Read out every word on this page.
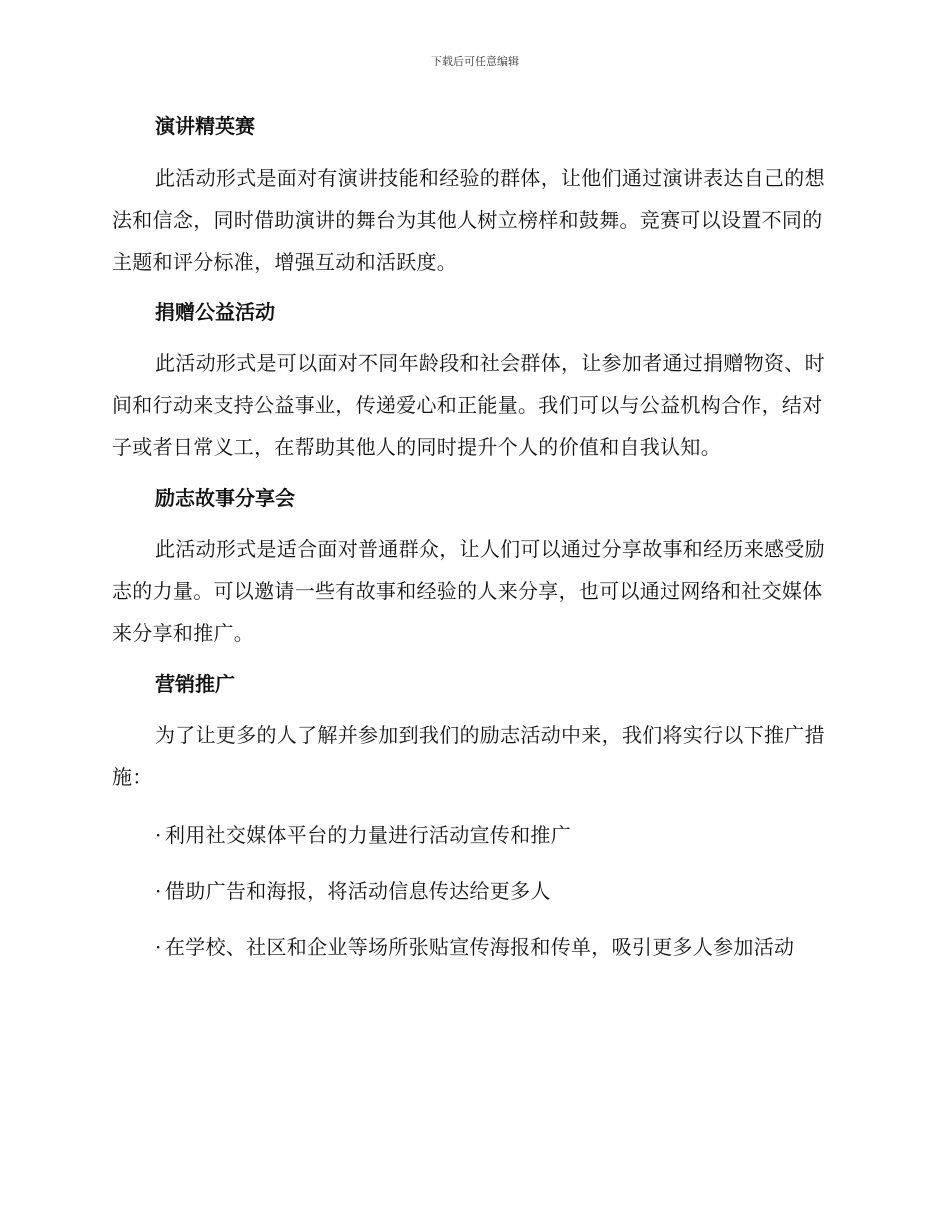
下载后可任意编辑
演讲精英赛

此活动形式是面对有演讲技能和经验的群体，让他们通过演讲表达自己的想法和信念，同时借助演讲的舞台为其他人树立榜样和鼓舞。竞赛可以设置不同的主题和评分标准，增强互动和活跃度。

捐赠公益活动

此活动形式是可以面对不同年龄段和社会群体，让参加者通过捐赠物资、时间和行动来支持公益事业，传递爱心和正能量。我们可以与公益机构合作，结对子或者日常义工，在帮助其他人的同时提升个人的价值和自我认知。

励志故事分享会

此活动形式是适合面对普通群众，让人们可以通过分享故事和经历来感受励志的力量。可以邀请一些有故事和经验的人来分享，也可以通过网络和社交媒体来分享和推广。

营销推广

为了让更多的人了解并参加到我们的励志活动中来，我们将实行以下推广措施：

· 利用社交媒体平台的力量进行活动宣传和推广

· 借助广告和海报，将活动信息传达给更多人

· 在学校、社区和企业等场所张贴宣传海报和传单，吸引更多人参加活动
